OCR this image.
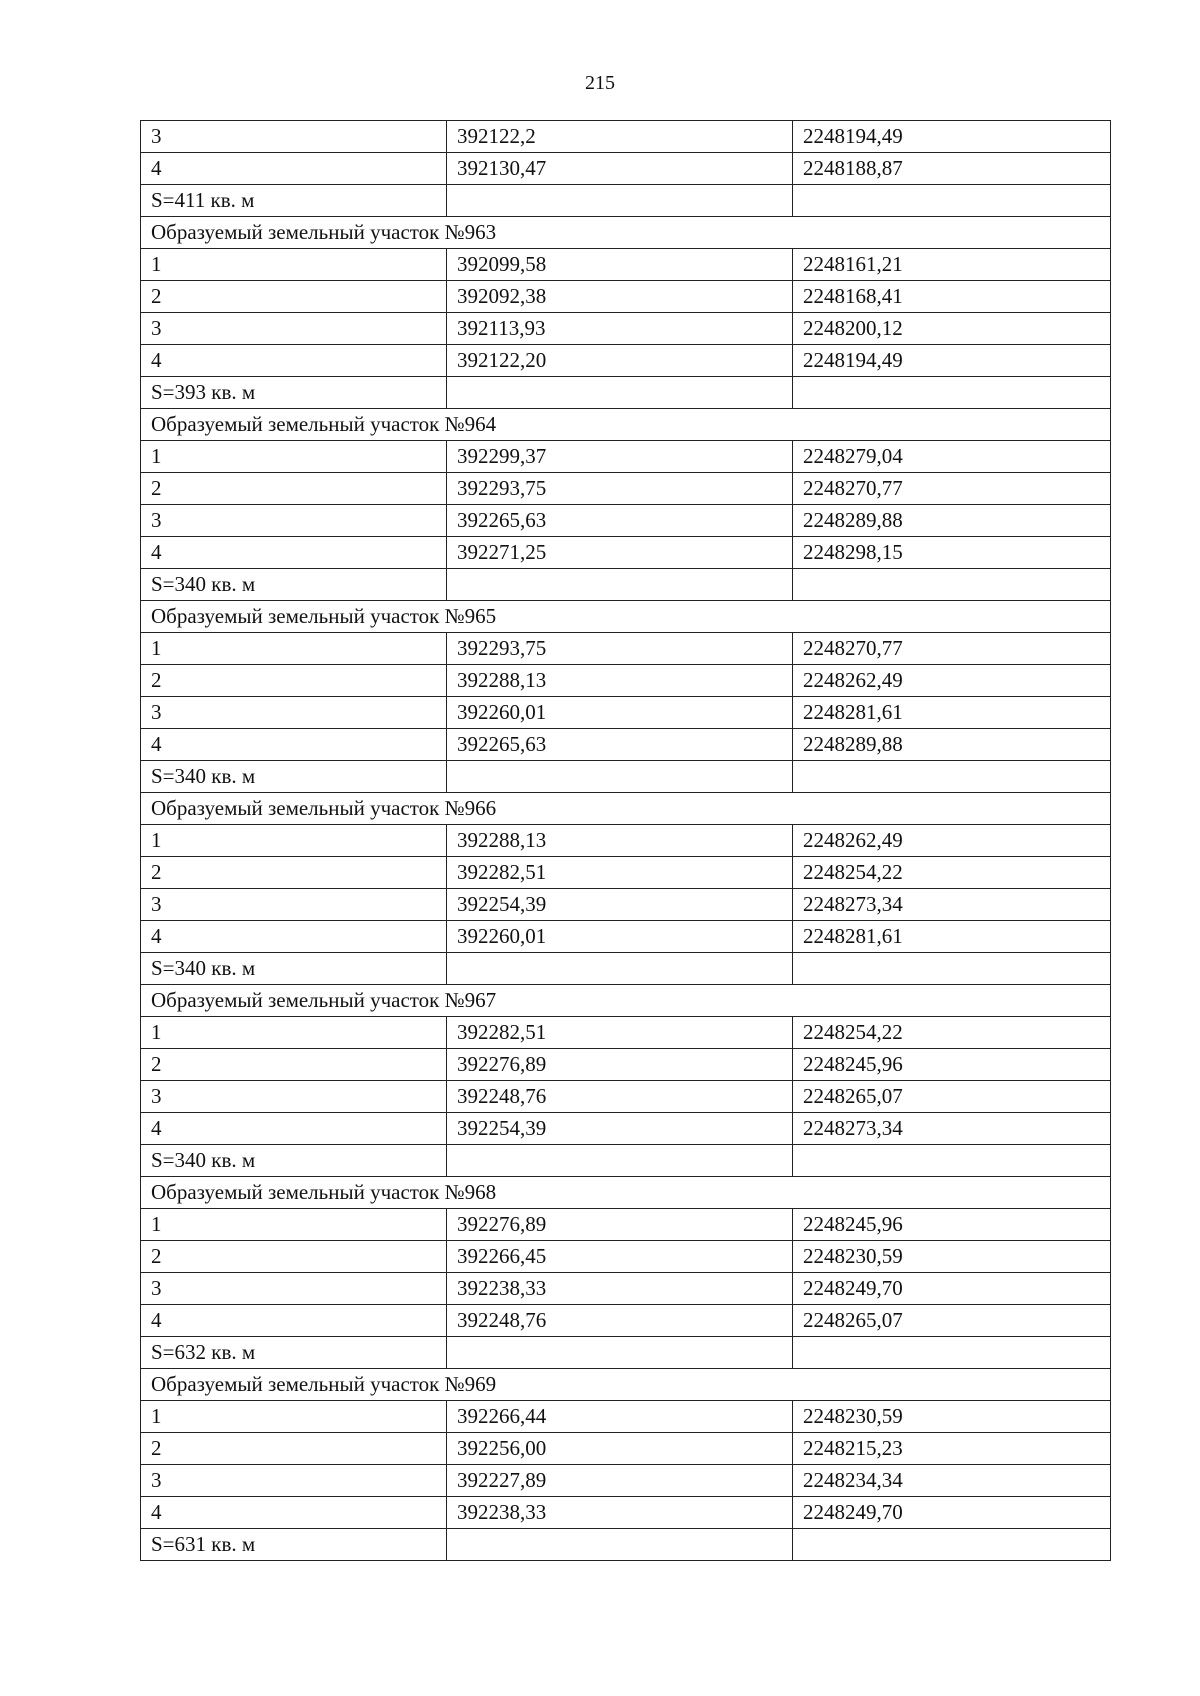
215
3	392122,2	2248194,49
4	392130,47	2248188,87
S=411 кв. м		
Образуемый земельный участок №963		
1	392099,58	2248161,21
2	392092,38	2248168,41
3	392113,93	2248200,12
4	392122,20	2248194,49
S=393 кв. м		
Образуемый земельный участок №964		
1	392299,37	2248279,04
2	392293,75	2248270,77
3	392265,63	2248289,88
4	392271,25	2248298,15
S=340 кв. м		
Образуемый земельный участок №965		
1	392293,75	2248270,77
2	392288,13	2248262,49
3	392260,01	2248281,61
4	392265,63	2248289,88
S=340 кв. м		
Образуемый земельный участок №966		
1	392288,13	2248262,49
2	392282,51	2248254,22
3	392254,39	2248273,34
4	392260,01	2248281,61
S=340 кв. м		
Образуемый земельный участок №967		
1	392282,51	2248254,22
2	392276,89	2248245,96
3	392248,76	2248265,07
4	392254,39	2248273,34
S=340 кв. м		
Образуемый земельный участок №968		
1	392276,89	2248245,96
2	392266,45	2248230,59
3	392238,33	2248249,70
4	392248,76	2248265,07
S=632 кв. м		
Образуемый земельный участок №969		
1	392266,44	2248230,59
2	392256,00	2248215,23
3	392227,89	2248234,34
4	392238,33	2248249,70
S=631 кв. м		
